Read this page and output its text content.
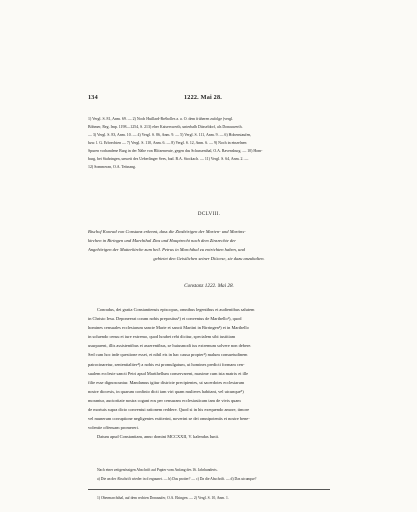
134	1222. Mai 28.
1) Vergl. S. 81, Anm. 69. — 2) Noch Huillard-Bréholles a. a. O. dem früheren zufolge (vergl.
Böhmer, Reg. Imp. 1198—1254, S. 213) eher Kaiserswerth, unterhalb Düsseldorf, als Donauwerth.
— 3) Vergl. S. 83, Anm. 10. — 4) Vergl. S. 86, Anm. 9. — 5) Vergl. S. 111, Anm. 9. — 6) Hohenstaufen,
bzw. l. G. Erbrechten — 7) Vergl. S. 110, Anm. 6. — 8) Vergl. S. 12, Anm. 6. — 9) Noch in einzelnen
Spuren vorhandene Burg in der Nähe von Blitzenreute, gegen das Schussenthal, O.A. Ravensburg. — 10) Hom-
burg, bei Stahringen, unweit des Ueberlinger Sees, bad. B.A. Stockach. — 11) Vergl. S. 64, Anm. 2. —
12) Sommeran, O.A. Tettnang.
DCLVIII.
Bischof Konrad von Constanz erkennt, dass die Zinsbörigen der Marien- und Martins-
kirchen in Biringen und Marchthal Zins und Hauptrecht nach dem Zinsrechte der
Angehörigen der Mutterkirche zum heil. Petrus in Marchthal zu entrichten haben, und
gebietet den Geistlichen seiner Diöcese, sie dazu anzuhalten.
Constanz 1222. Mai 28.
Conradus, dei gratia Constantiensis episcopus, omnibus legentibus et audientibus salutem
in Christo Iesu. Deponeerat coram nobis prepositus¹) et conventus de Marthello¹), quod
homines censuales ecclesiarum sancte Marie et sancti Martini in Birringen²) et in Marthello
in soluendo censu et iure extremo, quod houbet reht dicitur, specialem sibi iustitiam
usurparent, illis assistentibus et asserentibus, se huiusmodi ius extremum solvere non debere.
Sed cum hoc inde questione esset, et nihil eis in hac causa propter³) malum consuetudinem
patrocinaretur, sententialiter⁴) a nobis est promulgatum, ut homines predicti formam cen-
sualem ecclesie sancti Petri apud Martthellum conservarent, maxime cum ista matrix et ille
filie esse dignoscuntur. Mandamus igitur districte precipientes, ut sacerdotes ecclesiarum
nostre diocesis, in quarum confinio dicti iam viri quam mulieres habitant, vel utcunque⁵)
morantur, auctoritate nostra cogant eos per censuram ecclesiasticam tam de vivis quam
de mortuis supra dicto conventui rationem reddere. Quod si in his exequendo amore, timore
vel munerum corruptione negligentes extiterint, noverint se dei omnipotentis et nostre bene-
volentie offensam promereri.
Datum apud Constantiam, anno domini MCCXXII, V. kalendas Iunii.
Nach einer zeitgenössigen Abschrift auf Papier vom Anfang des 16. Jahrhunderts.
a) Die an der Abschrift wieder in d ergaunet. — b) Das protter? — c) Da die Abschrift. — d) Das utcunque?
1) Obermarchthal, auf dem rechten Donauufer, O.A. Ehingen. — 2) Vergl. S. 10, Anm. 1.
